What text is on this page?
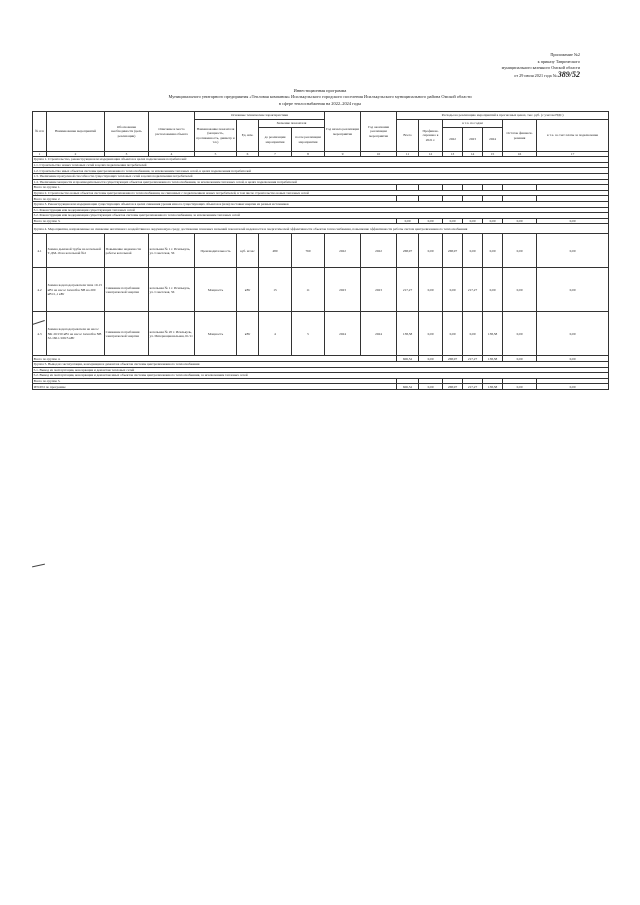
Приложение №2
к приказу Таврического
муниципального казенного Омской области
от 29 июля 2021 года № 389/52
Инвестиционная программа
Муниципального унитарного предприятия «Тепловая компания» Исилькульского городского поселения Исилькульского муниципального района Омской области
в сфере теплоснабжения на 2022–2024 годы
№ п/п	Наименование мероприятий	Обоснование необходимости (цель реализации)	Описание и место расположения объекта	Основные технические характеристики				Год начала реализации мероприятия	Год окончания реализации мероприятия	Расходы на реализацию мероприятий в прогнозных ценах, тыс. руб. (с учетом НДС)						
				Наименование показателя (мощность, протяженность, диаметр и т.п.)	Ед. изм.	Значение показателя				Всего	Профинан-сировано к 2021 г.	в т.ч. по годам			Остаток финанси-рования	в т.ч. за счет платы за подключение
						до реализации мероприятия	после реализации мероприятия					2022	2023	2024		
1	2	3	4	5	6	7	8	9	10	11	12	13	14	15	16	17
Группа 1. Строительство, реконструкция или модернизация объектов в целях подключения потребителей:																
1.1. Строительство новых тепловых сетей в целях подключения потребителей																
1.2. Строительство иных объектов системы централизованного теплоснабжения, за исключением тепловых сетей, в целях подключения потребителей																
1.3. Увеличение пропускной способности существующих тепловых сетей в целях подключения потребителей																
1.4. Увеличение мощности и производительности существующих объектов централизованного теплоснабжения, за исключением тепловых сетей, в целях подключения потребителей																
Всего по группе 1.																
Группа 2. Строительство новых объектов системы централизованного теплоснабжения, не связанных с подключением новых потребителей, в том числе строительство новых тепловых сетей																
Всего по группе 2.																
Группа 3. Реконструкция или модернизация существующих объектов в целях снижения уровня износа существующих объектов и (или) поставки энергии из разных источников																
3.1. Реконструкция или модернизация существующих тепловых сетей																
3.2. Реконструкция или модернизация существующих объектов системы централизованного теплоснабжения, за исключением тепловых сетей																
Всего по группе 3.										0,00	0,00	0,00	0,00	0,00	0,00	0,00
Группа 4. Мероприятия, направленные на снижение негативного воздействия на окружающую среду, достижение плановых значений показателей надежности и энергетической эффективности объектов теплоснабжения, повышение эффективности работы систем централизованного теплоснабжения																
4.1	Замена дымовой трубы на котельной Т-ДМ-16 на котельной №2	Повышение надежности работы котельной	котельная № 1 г. Исилькуль, ул. Советская, 56	Производительность	куб. м/час	480	760	2022	2022	268,97	0,00	268,97	0,00	0,00	0,00	0,00
4.2	Замена водоподогревателя типа 10-15 кВт на насос Grundfos NB на 200 кВт/1,1 кВт	Снижение потребления электрической энергии	котельная № 1 г. Исилькуль, ул. Советская, 56	Мощность	кВт	15	11	2023	2023	217,27	0,00	0,00	217,27	0,00	0,00	0,00
4.3	Замена водоподогревателя на насос NK 20/150 кВт на насос Grundfos NB 32-160.1/166/5 кВт	Снижение потребления электрической энергии	котельная № 20 г. Исилькуль, ул. Интернациональная, 61/11	Мощность	кВт	4	5	2024	2024	138,58	0,00	0,00	0,00	138,58	0,00	0,00
Всего по группе 4.										606,52	0,00	268,97	217,27	138,58	0,00	0,00
Группа 5. Вывод из эксплуатации, консервация и демонтаж объектов системы централизованного теплоснабжения																
5.1. Вывод из эксплуатации, консервация и демонтаж тепловых сетей																
5.2. Вывод из эксплуатации, консервация и демонтаж иных объектов системы централизованного теплоснабжения, за исключением тепловых сетей																
Всего по группе 5.																
ИТОГО по программе										606,52	0,00	268,97	217,27	138,58	0,00	0,00
